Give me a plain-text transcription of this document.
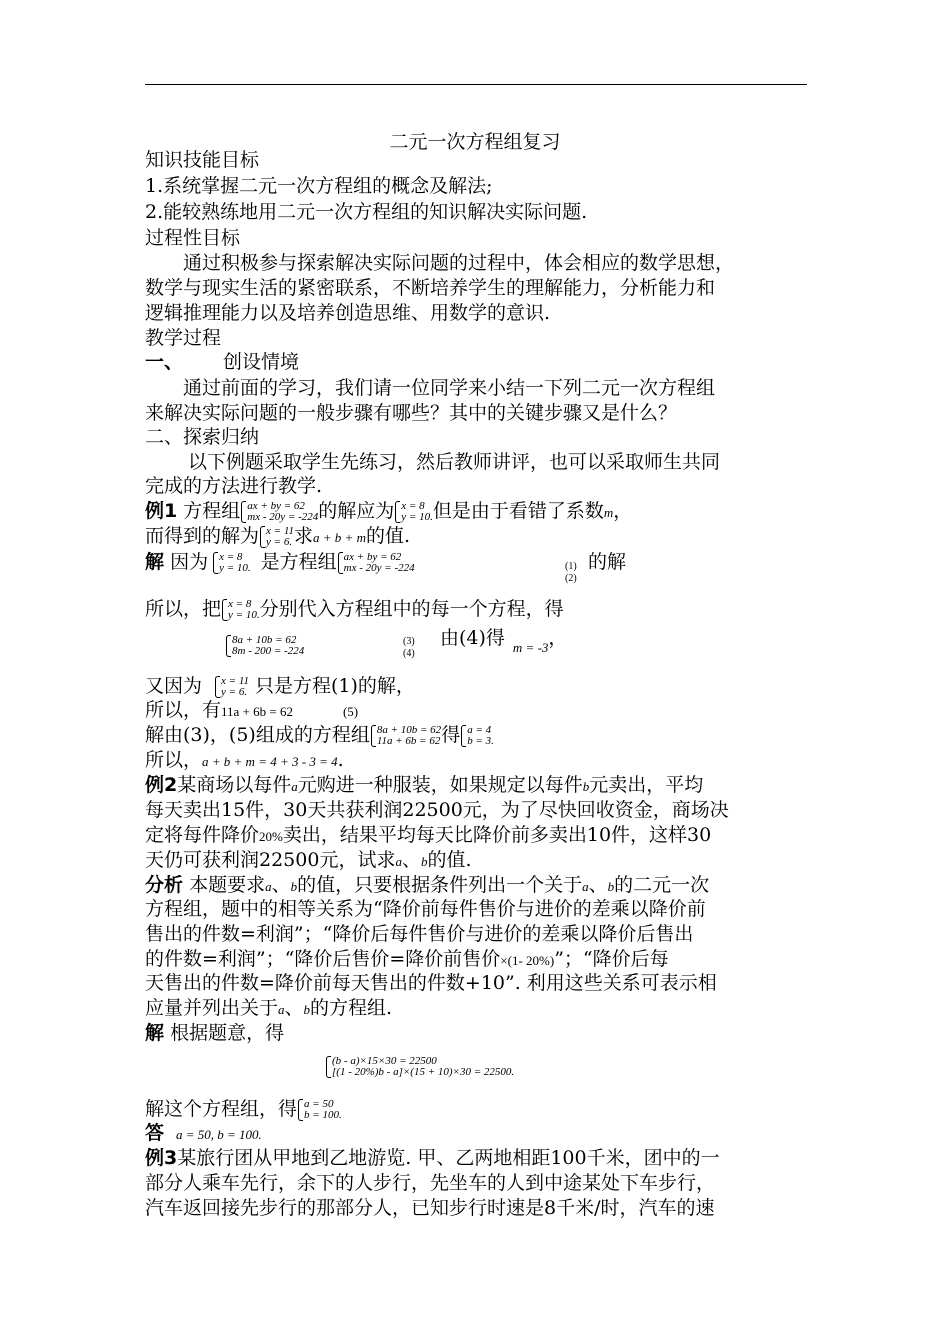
二元一次方程组复习
知识技能目标
1.系统掌握二元一次方程组的概念及解法;
2.能较熟练地用二元一次方程组的知识解决实际问题.
过程性目标
通过积极参与探索解决实际问题的过程中，体会相应的数学思想，
数学与现实生活的紧密联系，不断培养学生的理解能力，分析能力和
逻辑推理能力以及培养创造思维、用数学的意识.
教学过程
一、 创设情境
通过前面的学习，我们请一位同学来小结一下列二元一次方程组
来解决实际问题的一般步骤有哪些？其中的关键步骤又是什么？
二、探索归纳
以下例题采取学生先练习，然后教师讲评，也可以采取师生共同
完成的方法进行教学.
例1 方程组 ax + by = 62
mx - 20y = -224 的解应为 x = 8
y = 10. 但是由于看错了系数m，
而得到的解为 x = 11
y = 6. 求a + b + m的值.
解 因为 x = 8
y = 10. 是方程组 ax + by = 62
mx - 20y = -224	(1)
(2)
的解
所以，把 x = 8
y = 10. 分别代入方程组中的每一个方程，得
8a + 10b = 62
8m - 200 = -224
(3)
(4)
由(4)得 $_{m = -3}$，
又因为 x = 11
y = 6. 只是方程(1)的解，
所以，有11a + 6b = 62	(5)
解由(3)，(5)组成的方程组 8a + 10b = 62
11a + 6b = 62 得 a = 4
b = 3.
所以，a + b + m = 4 + 3 - 3 = 4.
例2某商场以每件a元购进一种服装，如果规定以每件b元卖出，平均
每天卖出15件，30天共获利润22500元，为了尽快回收资金，商场决
定将每件降价20%卖出，结果平均每天比降价前多卖出10件，这样30
天仍可获利润22500元，试求a、b的值.
分析 本题要求a、b的值，只要根据条件列出一个关于a、b的二元一次
方程组，题中的相等关系为“降价前每件售价与进价的差乘以降价前
售出的件数=利润”；“降价后每件售价与进价的差乘以降价后售出
的件数=利润”；“降价后售价=降价前售价×(1- 20%)”；“降价后每
天售出的件数=降价前每天售出的件数+10”. 利用这些关系可表示相
应量并列出关于a、b的方程组.
解 根据题意，得
(b - a)×15×30 = 22500
[(1 - 20%)b - a]×(15 + 10)×30 = 22500.
解这个方程组，得 a = 50
b = 100.
答 a = 50, b = 100.
例3某旅行团从甲地到乙地游览. 甲、乙两地相距100千米，团中的一
部分人乘车先行，余下的人步行，先坐车的人到中途某处下车步行，
汽车返回接先步行的那部分人，已知步行时速是8千米/时，汽车的速
